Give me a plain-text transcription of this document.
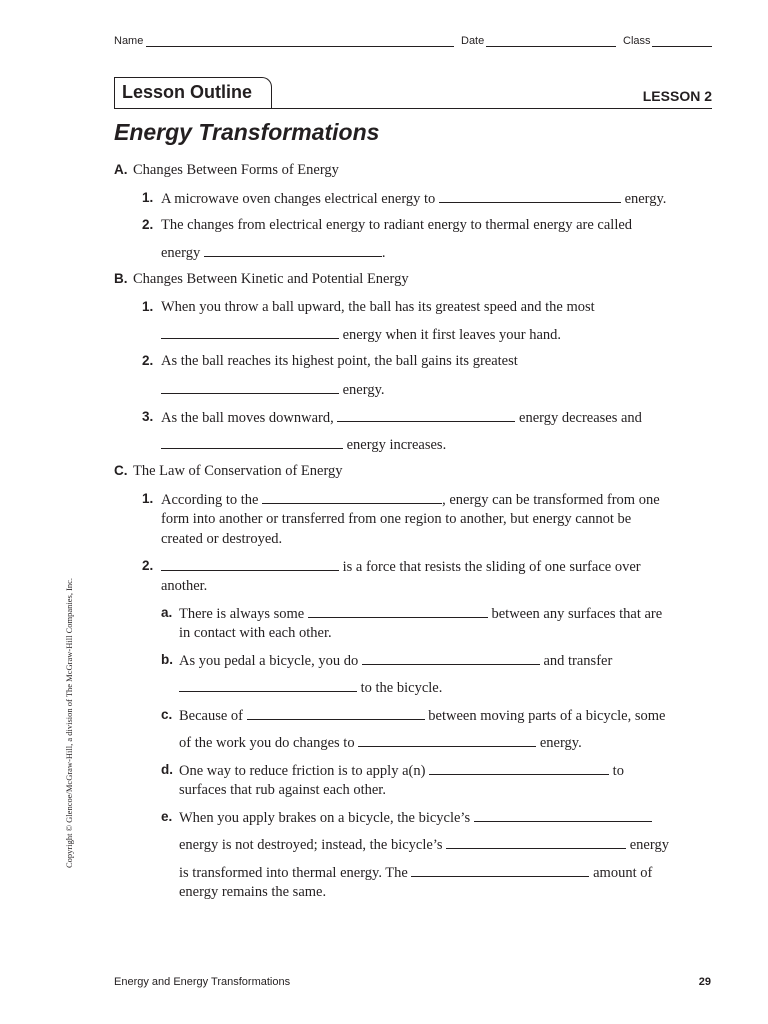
Name	Date	Class
Lesson Outline	LESSON 2
Energy Transformations
A. Changes Between Forms of Energy
1. A microwave oven changes electrical energy to	energy.
2. The changes from electrical energy to radiant energy to thermal energy are called
energy	.
B. Changes Between Kinetic and Potential Energy
1. When you throw a ball upward, the ball has its greatest speed and the most
energy when it first leaves your hand.
2. As the ball reaches its highest point, the ball gains its greatest
energy.
3. As the ball moves downward,	energy decreases and
energy increases.
C. The Law of Conservation of Energy
1. According to the	, energy can be transformed from one
form into another or transferred from one region to another, but energy cannot be
created or destroyed.
2.	is a force that resists the sliding of one surface over
another.
a. There is always some	between any surfaces that are
in contact with each other.
b. As you pedal a bicycle, you do	and transfer
to the bicycle.
c. Because of	between moving parts of a bicycle, some
of the work you do changes to	energy.
d. One way to reduce friction is to apply a(n)	to
surfaces that rub against each other.
e. When you apply brakes on a bicycle, the bicycle’s
energy is not destroyed; instead, the bicycle’s	energy
is transformed into thermal energy. The	amount of
energy remains the same.
Copyright © Glencoe/McGraw-Hill, a division of The McGraw-Hill Companies, Inc.
Energy and Energy Transformations	29
